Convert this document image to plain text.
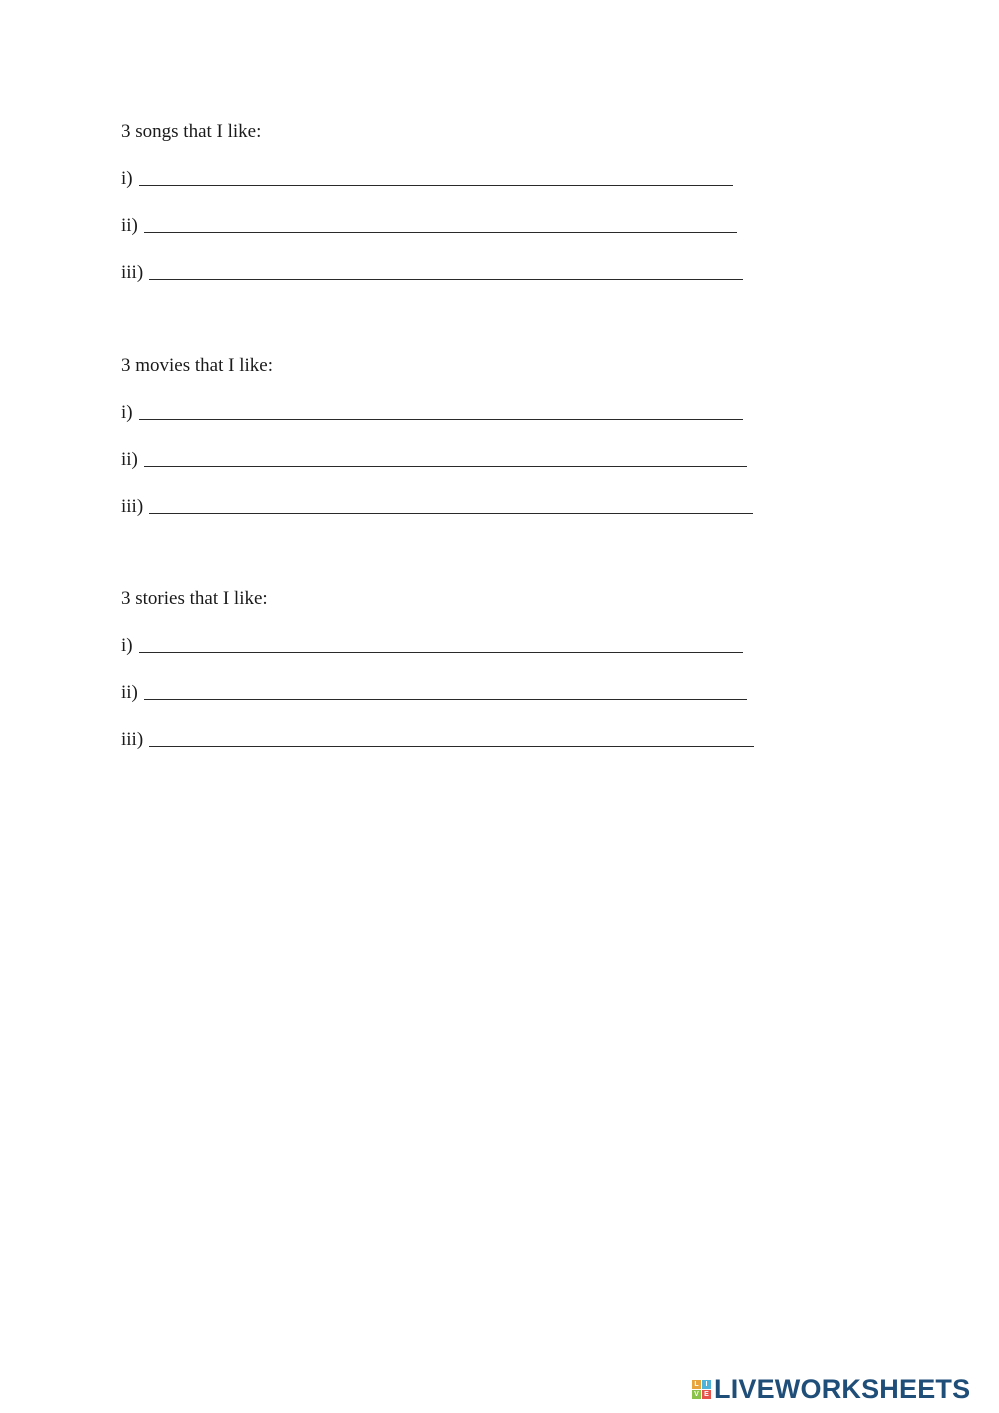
3 songs that I like:
i)
ii)
iii)
3 movies that I like:
i)
ii)
iii)
3 stories that I like:
i)
ii)
iii)
L I
V E LIVEWORKSHEETS
